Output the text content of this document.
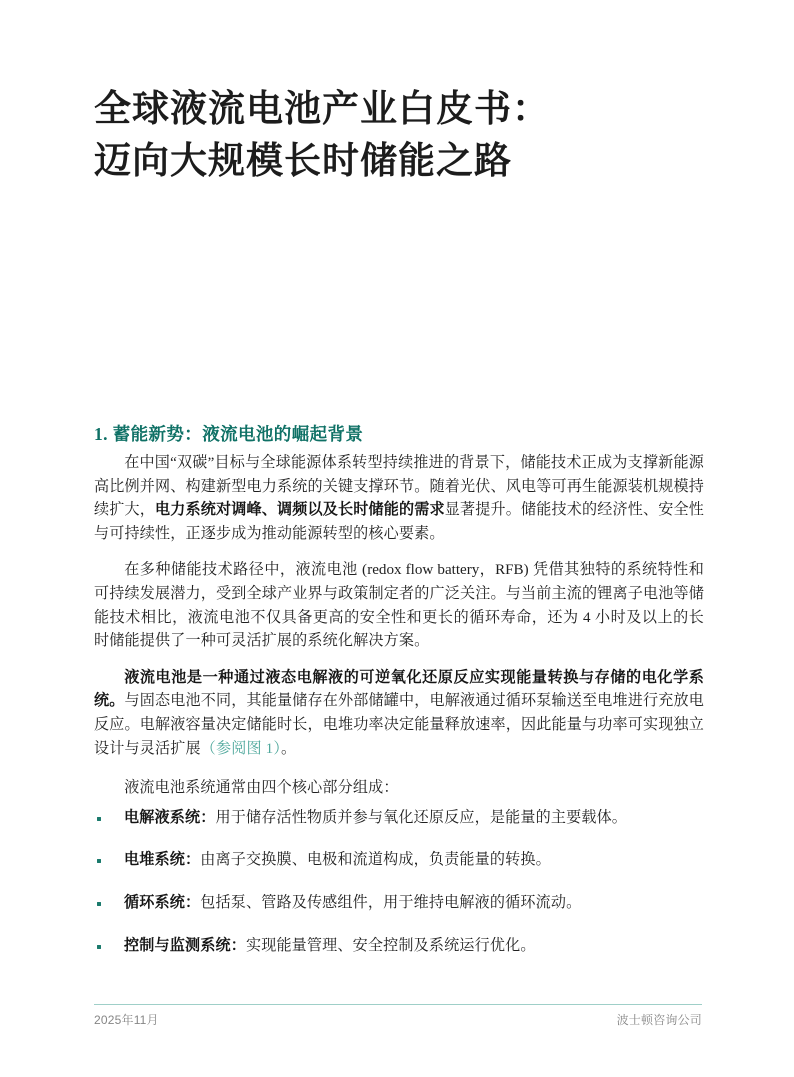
全球液流电池产业白皮书：
迈向大规模长时储能之路
1. 蓄能新势：液流电池的崛起背景

在中国“双碳”目标与全球能源体系转型持续推进的背景下，储能技术正成为支撑新能源高比例并网、构建新型电力系统的关键支撑环节。随着光伏、风电等可再生能源装机规模持续扩大，电力系统对调峰、调频以及长时储能的需求显著提升。储能技术的经济性、安全性与可持续性，正逐步成为推动能源转型的核心要素。

在多种储能技术路径中，液流电池 (redox flow battery，RFB) 凭借其独特的系统特性和可持续发展潜力，受到全球产业界与政策制定者的广泛关注。与当前主流的锂离子电池等储能技术相比，液流电池不仅具备更高的安全性和更长的循环寿命，还为 4 小时及以上的长时储能提供了一种可灵活扩展的系统化解决方案。

液流电池是一种通过液态电解液的可逆氧化还原反应实现能量转换与存储的电化学系统。与固态电池不同，其能量储存在外部储罐中，电解液通过循环泵输送至电堆进行充放电反应。电解液容量决定储能时长，电堆功率决定能量释放速率，因此能量与功率可实现独立设计与灵活扩展（参阅图 1）。

液流电池系统通常由四个核心部分组成：

电解液系统：用于储存活性物质并参与氧化还原反应，是能量的主要载体。
电堆系统：由离子交换膜、电极和流道构成，负责能量的转换。
循环系统：包括泵、管路及传感组件，用于维持电解液的循环流动。
控制与监测系统：实现能量管理、安全控制及系统运行优化。
2025年11月	波士顿咨询公司
